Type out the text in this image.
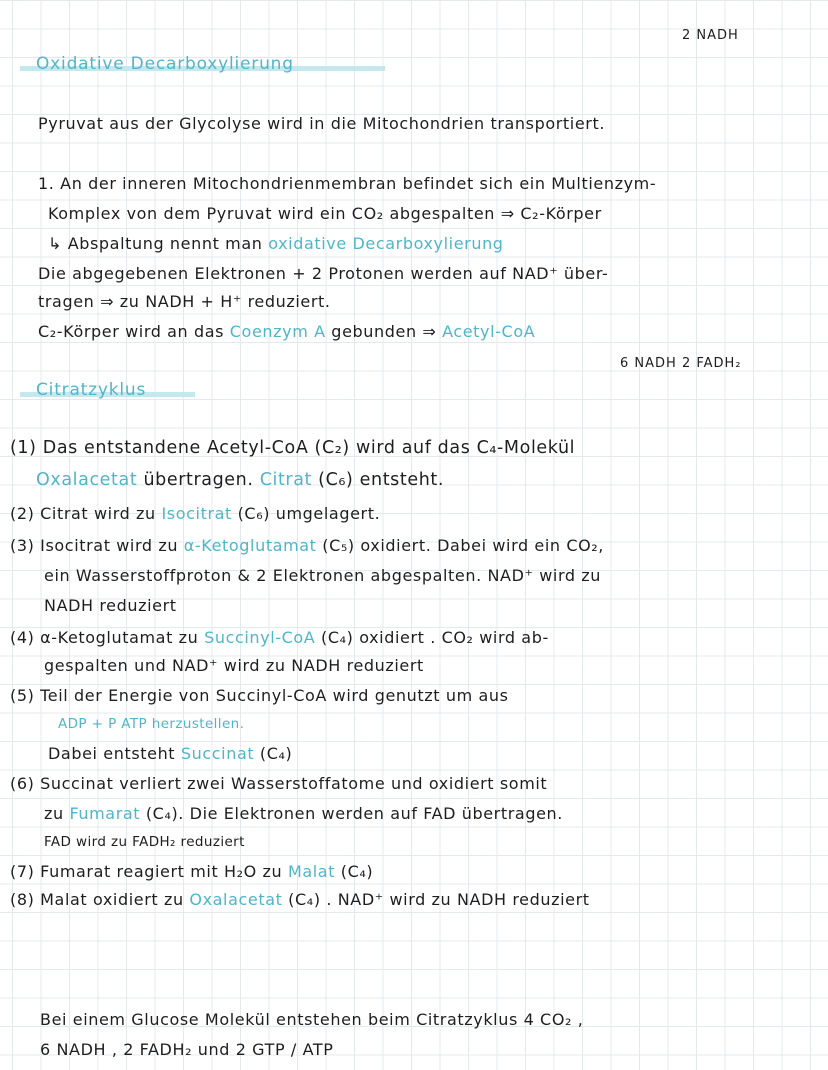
2 NADH
Oxidative Decarboxylierung
Pyruvat aus der Glycolyse wird in die Mitochondrien transportiert.
1. An der inneren Mitochondrienmembran befindet sich ein Multienzym-
Komplex von dem Pyruvat wird ein CO₂ abgespalten ⇒ C₂-Körper
↳ Abspaltung nennt man oxidative Decarboxylierung
Die abgegebenen Elektronen + 2 Protonen werden auf NAD⁺ über-
tragen ⇒ zu NADH + H⁺ reduziert.
C₂-Körper wird an das Coenzym A gebunden ⇒ Acetyl-CoA
6 NADH 2 FADH₂
Citratzyklus
(1) Das entstandene Acetyl-CoA (C₂) wird auf das C₄-Molekül
Oxalacetat übertragen. Citrat (C₆) entsteht.
(2) Citrat wird zu Isocitrat (C₆) umgelagert.
(3) Isocitrat wird zu α-Ketoglutamat (C₅) oxidiert. Dabei wird ein CO₂,
ein Wasserstoffproton & 2 Elektronen abgespalten. NAD⁺ wird zu
NADH reduziert
(4) α-Ketoglutamat zu Succinyl-CoA (C₄) oxidiert . CO₂ wird ab-
gespalten und NAD⁺ wird zu NADH reduziert
(5) Teil der Energie von Succinyl-CoA wird genutzt um aus
ADP + P ATP herzustellen.
Dabei entsteht Succinat (C₄)
(6) Succinat verliert zwei Wasserstoffatome und oxidiert somit
zu Fumarat (C₄). Die Elektronen werden auf FAD übertragen.
FAD wird zu FADH₂ reduziert
(7) Fumarat reagiert mit H₂O zu Malat (C₄)
(8) Malat oxidiert zu Oxalacetat (C₄) . NAD⁺ wird zu NADH reduziert
Bei einem Glucose Molekül entstehen beim Citratzyklus 4 CO₂ ,
6 NADH , 2 FADH₂ und 2 GTP / ATP
